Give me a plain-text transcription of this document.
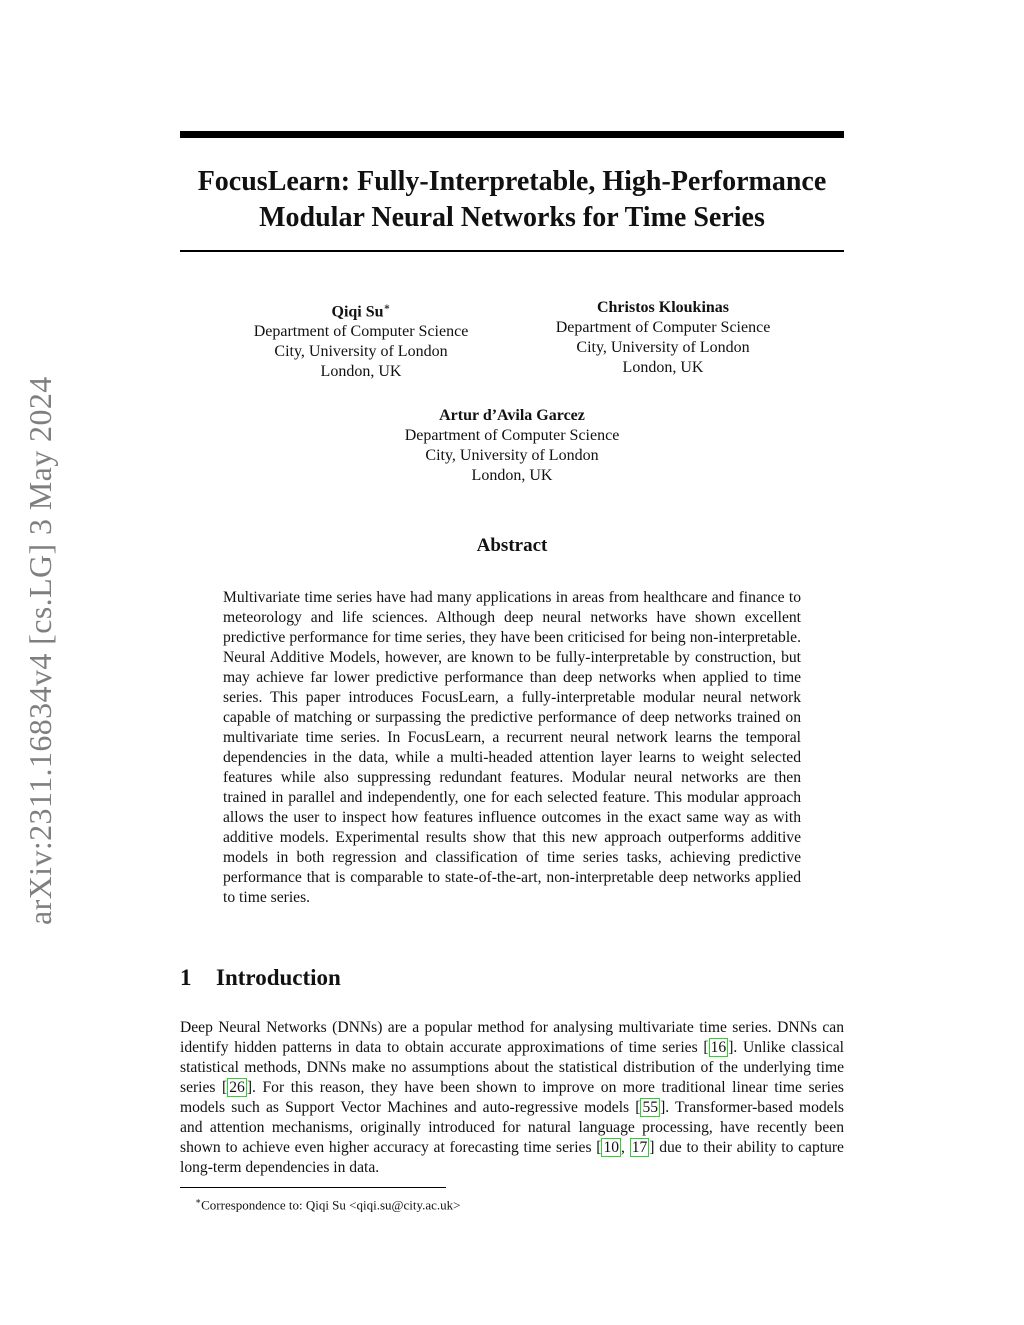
arXiv:2311.16834v4 [cs.LG] 3 May 2024
FocusLearn: Fully-Interpretable, High-Performance
Modular Neural Networks for Time Series
Qiqi Su∗
Department of Computer Science
City, University of London
London, UK
Christos Kloukinas
Department of Computer Science
City, University of London
London, UK
Artur d’Avila Garcez
Department of Computer Science
City, University of London
London, UK
Abstract

Multivariate time series have had many applications in areas from healthcare and finance to meteorology and life sciences. Although deep neural networks have shown excellent predictive performance for time series, they have been criticised for being non-interpretable. Neural Additive Models, however, are known to be fully-interpretable by construction, but may achieve far lower predictive performance than deep networks when applied to time series. This paper introduces FocusLearn, a fully-interpretable modular neural network capable of matching or surpassing the predictive performance of deep networks trained on multivariate time series. In FocusLearn, a recurrent neural network learns the temporal dependencies in the data, while a multi-headed attention layer learns to weight selected features while also suppressing redundant features. Modular neural networks are then trained in parallel and independently, one for each selected feature. This modular approach allows the user to inspect how features influence outcomes in the exact same way as with additive models. Experimental results show that this new approach outperforms additive models in both regression and classification of time series tasks, achieving predictive performance that is comparable to state-of-the-art, non-interpretable deep networks applied to time series.

1 Introduction

Deep Neural Networks (DNNs) are a popular method for analysing multivariate time series. DNNs can identify hidden patterns in data to obtain accurate approximations of time series [ 16 ]. Unlike classical statistical methods, DNNs make no assumptions about the statistical distribution of the underlying time series [ 26 ]. For this reason, they have been shown to improve on more traditional linear time series models such as Support Vector Machines and auto-regressive models [ 55 ]. Transformer-based models and attention mechanisms, originally introduced for natural language processing, have recently been shown to achieve even higher accuracy at forecasting time series [ 10 , 17 ] due to their ability to capture long-term dependencies in data.

∗Correspondence to: Qiqi Su <qiqi.su@city.ac.uk>
